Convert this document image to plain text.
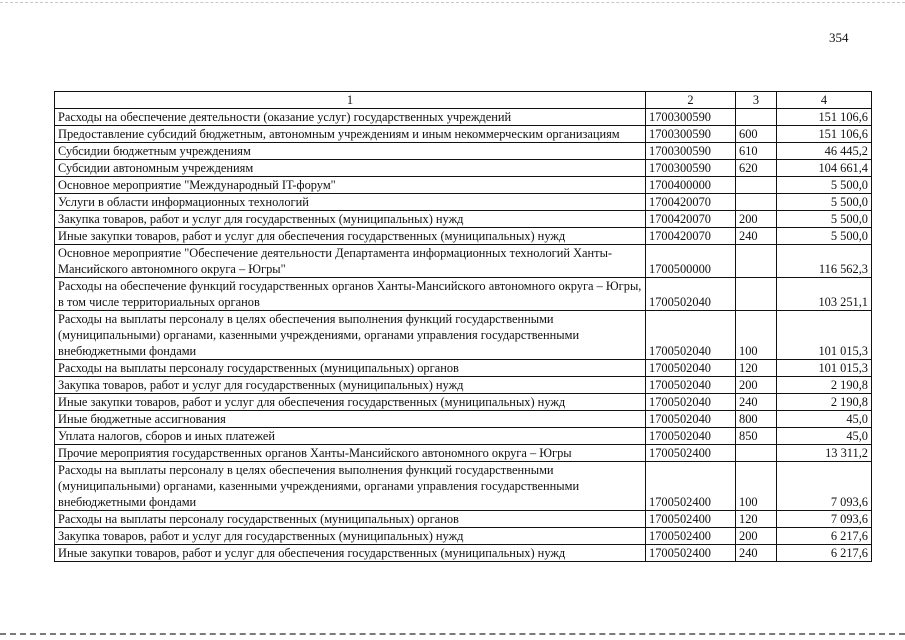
354
1	2	3	4
Расходы на обеспечение деятельности (оказание услуг) государственных учреждений	1700300590		151 106,6
Предоставление субсидий бюджетным, автономным учреждениям и иным некоммерческим организациям	1700300590	600	151 106,6
Субсидии бюджетным учреждениям	1700300590	610	46 445,2
Субсидии автономным учреждениям	1700300590	620	104 661,4
Основное мероприятие "Международный IT-форум"	1700400000		5 500,0
Услуги в области информационных технологий	1700420070		5 500,0
Закупка товаров, работ и услуг для государственных (муниципальных) нужд	1700420070	200	5 500,0
Иные закупки товаров, работ и услуг для обеспечения государственных (муниципальных) нужд	1700420070	240	5 500,0
Основное мероприятие "Обеспечение деятельности Департамента информационных технологий Ханты-Мансийского автономного округа – Югры"	1700500000		116 562,3
Расходы на обеспечение функций государственных органов Ханты-Мансийского автономного округа – Югры, в том числе территориальных органов	1700502040		103 251,1
Расходы на выплаты персоналу в целях обеспечения выполнения функций государственными (муниципальными) органами, казенными учреждениями, органами управления государственными внебюджетными фондами	1700502040	100	101 015,3
Расходы на выплаты персоналу государственных (муниципальных) органов	1700502040	120	101 015,3
Закупка товаров, работ и услуг для государственных (муниципальных) нужд	1700502040	200	2 190,8
Иные закупки товаров, работ и услуг для обеспечения государственных (муниципальных) нужд	1700502040	240	2 190,8
Иные бюджетные ассигнования	1700502040	800	45,0
Уплата налогов, сборов и иных платежей	1700502040	850	45,0
Прочие мероприятия государственных органов Ханты-Мансийского автономного округа – Югры	1700502400		13 311,2
Расходы на выплаты персоналу в целях обеспечения выполнения функций государственными (муниципальными) органами, казенными учреждениями, органами управления государственными внебюджетными фондами	1700502400	100	7 093,6
Расходы на выплаты персоналу государственных (муниципальных) органов	1700502400	120	7 093,6
Закупка товаров, работ и услуг для государственных (муниципальных) нужд	1700502400	200	6 217,6
Иные закупки товаров, работ и услуг для обеспечения государственных (муниципальных) нужд	1700502400	240	6 217,6
